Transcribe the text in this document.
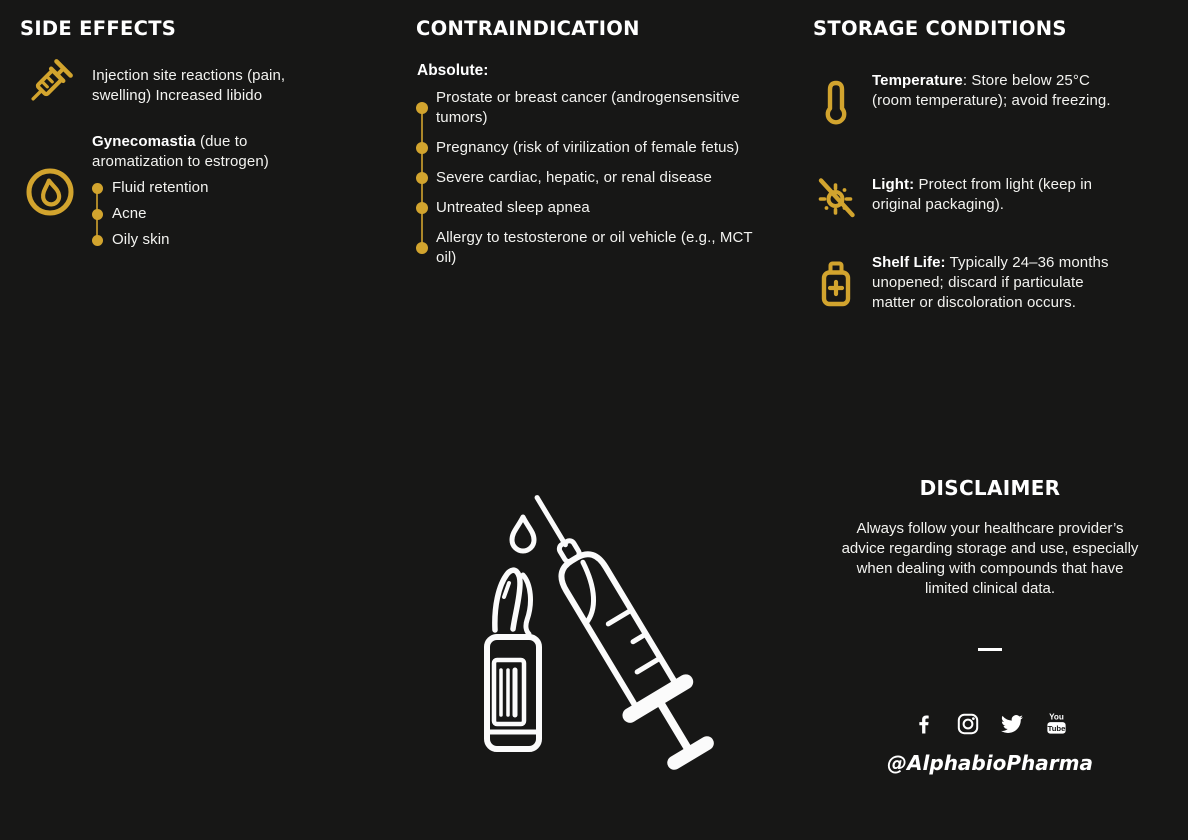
SIDE EFFECTS

Injection site reactions (pain, swelling) Increased libido

Gynecomastia (due to aromatization to estrogen)

Fluid retention
Acne
Oily skin
CONTRAINDICATION

Absolute:

Prostate or breast cancer (androgensensitive tumors)
Pregnancy (risk of virilization of female fetus)
Severe cardiac, hepatic, or renal disease
Untreated sleep apnea
Allergy to testosterone or oil vehicle (e.g., MCT oil)
STORAGE CONDITIONS

Temperature: Store below 25°C (room temperature); avoid freezing.

Light: Protect from light (keep in original packaging).

Shelf Life: Typically 24–36 months unopened; discard if particulate matter or discoloration occurs.

DISCLAIMER

Always follow your healthcare provider’s advice regarding storage and use, especially when dealing with compounds that have limited clinical data.

You
Tube
@AlphabioPharma
